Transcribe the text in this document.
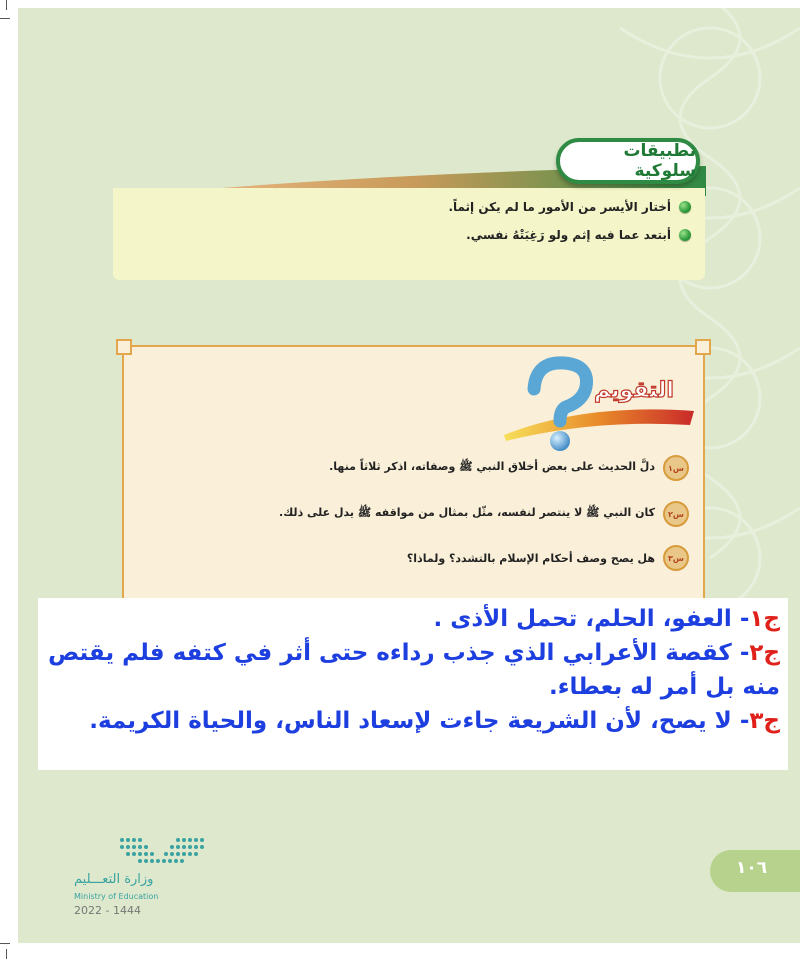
أختار الأيسر من الأمور ما لم يكن إثماً.
أبتعد عما فيه إثم ولو رَغِبَتْهُ نفسي.
تطبيقات سلوكية
التقويم
س١
دلَّ الحديث على بعض أخلاق النبي ﷺ وصفاته، اذكر ثلاثاً منها.
س٢
كان النبي ﷺ لا ينتصر لنفسه، مثّل بمثال من مواقفه ﷺ يدل على ذلك.
س٣
هل يصح وصف أحكام الإسلام بالتشدد؟ ولماذا؟
وزارة التعـــليم
Ministry of Education
2022 - 1444
١٠٦
ج١- العفو، الحلم، تحمل الأذى .
ج٢- كقصة الأعرابي الذي جذب رداءه حتى أثر في كتفه فلم يقتص منه بل أمر له بعطاء.
ج٣- لا يصح، لأن الشريعة جاءت لإسعاد الناس، والحياة الكريمة.
